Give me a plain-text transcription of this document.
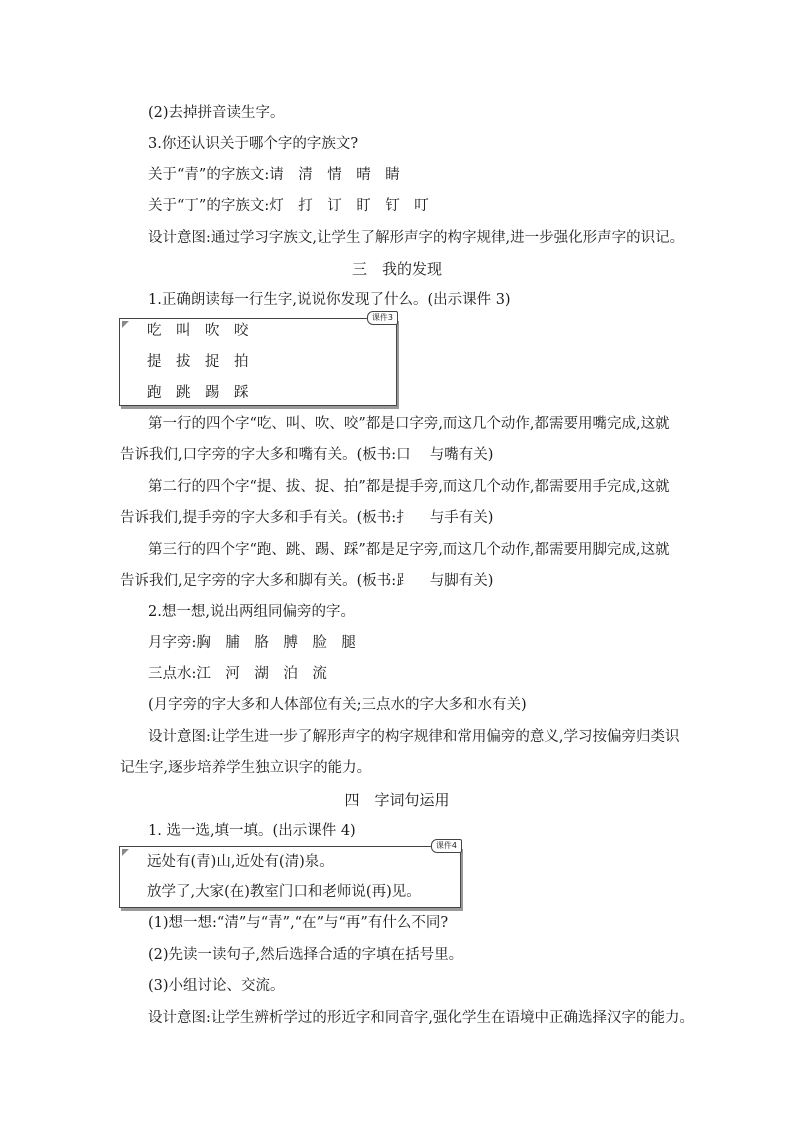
(2)去掉拼音读生字。
3.你还认识关于哪个字的字族文?
关于“青”的字族文:请　清　情　晴　睛
关于“丁”的字族文:灯　打　订　盯　钉　叮
设计意图:通过学习字族文,让学生了解形声字的构字规律,进一步强化形声字的识记。
三　我的发现
1.正确朗读每一行生字,说说你发现了什么。(出示课件 3)
课件3
吃　叫　吹　咬
提　拔　捉　拍
跑　跳　踢　踩
第一行的四个字“吃、叫、吹、咬”都是口字旁,而这几个动作,都需要用嘴完成,这就
告诉我们,口字旁的字大多和嘴有关。(板书:口　 与嘴有关)
第二行的四个字“提、拔、捉、拍”都是提手旁,而这几个动作,都需要用手完成,这就
告诉我们,提手旁的字大多和手有关。(板书:扌　 与手有关)
第三行的四个字“跑、跳、踢、踩”都是足字旁,而这几个动作,都需要用脚完成,这就
告诉我们,足字旁的字大多和脚有关。(板书:⻊　 与脚有关)
2.想一想,说出两组同偏旁的字。
月字旁:胸　脯　胳　膊　脸　腿
三点水:江　河　湖　泊　流
(月字旁的字大多和人体部位有关;三点水的字大多和水有关)
设计意图:让学生进一步了解形声字的构字规律和常用偏旁的意义,学习按偏旁归类识
记生字,逐步培养学生独立识字的能力。
四　字词句运用
1. 选一选,填一填。(出示课件 4)
课件4
远处有(青)山,近处有(清)泉。
放学了,大家(在)教室门口和老师说(再)见。
(1)想一想:“清”与“青”,“在”与“再”有什么不同?
(2)先读一读句子,然后选择合适的字填在括号里。
(3)小组讨论、交流。
设计意图:让学生辨析学过的形近字和同音字,强化学生在语境中正确选择汉字的能力。
